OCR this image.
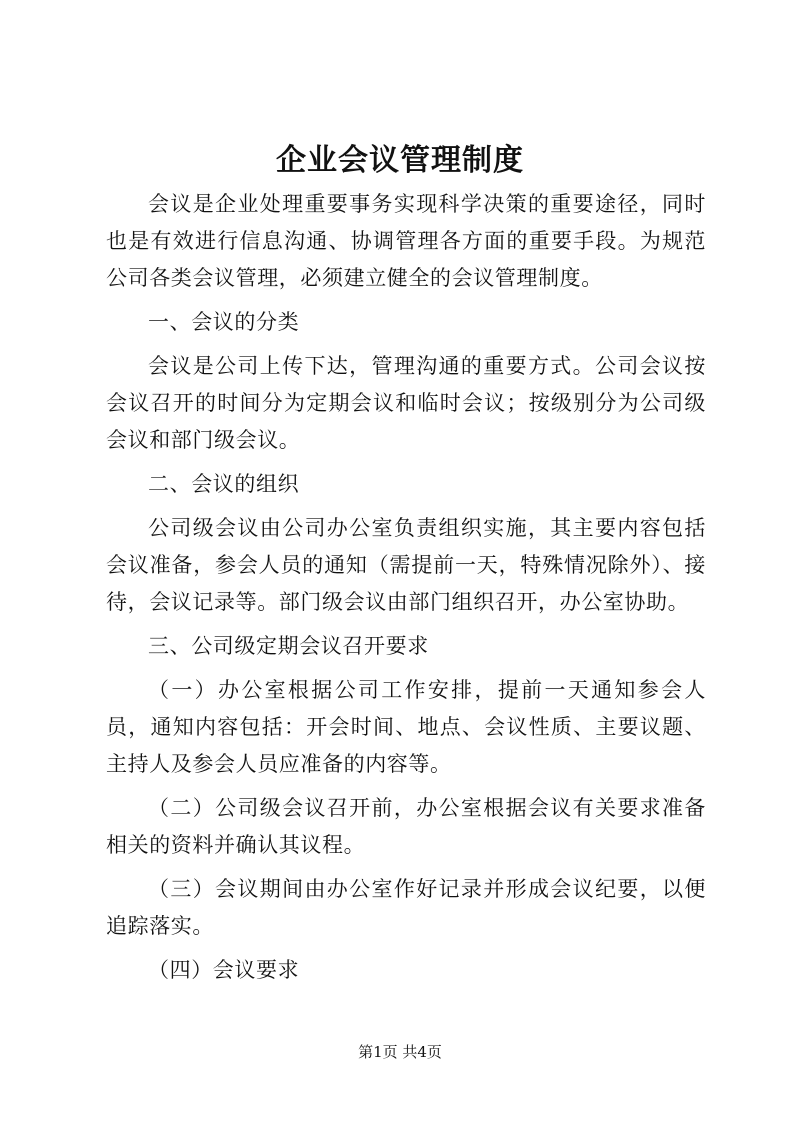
企业会议管理制度

会议是企业处理重要事务实现科学决策的重要途径，同时也是有效进行信息沟通、协调管理各方面的重要手段。为规范公司各类会议管理，必须建立健全的会议管理制度。

一、会议的分类

会议是公司上传下达，管理沟通的重要方式。公司会议按会议召开的时间分为定期会议和临时会议；按级别分为公司级会议和部门级会议。

二、会议的组织

公司级会议由公司办公室负责组织实施，其主要内容包括会议准备，参会人员的通知（需提前一天，特殊情况除外）、接待，会议记录等。部门级会议由部门组织召开，办公室协助。

三、公司级定期会议召开要求

（一）办公室根据公司工作安排，提前一天通知参会人员，通知内容包括：开会时间、地点、会议性质、主要议题、主持人及参会人员应准备的内容等。

（二）公司级会议召开前，办公室根据会议有关要求准备相关的资料并确认其议程。

（三）会议期间由办公室作好记录并形成会议纪要，以便追踪落实。

（四）会议要求

第1页 共4页
